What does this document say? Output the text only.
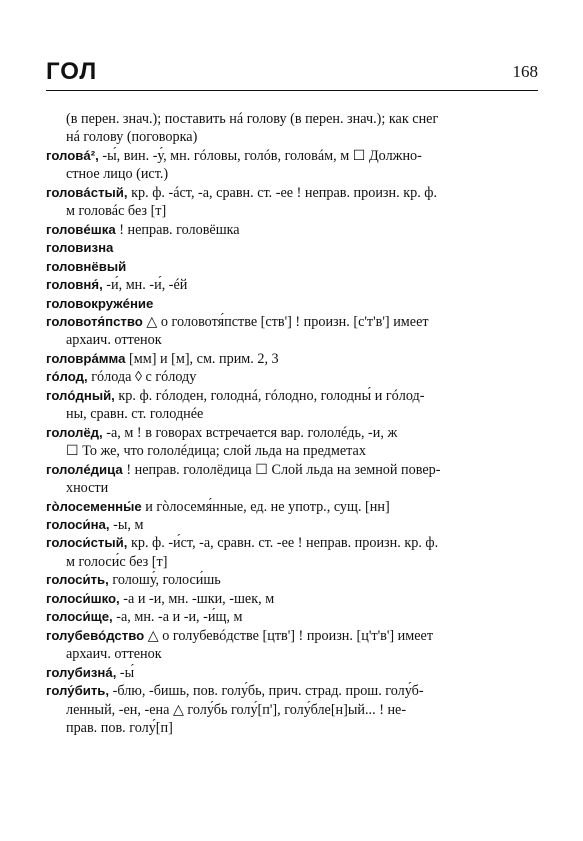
ГОЛ	168
(в перен. знач.); поставить нá голову (в перен. знач.); как снег
нá голову (поговорка)
головá², -ы́, вин. -у́, мн. гóловы, голóв, головáм, м ☐ Должно-
стное лицо (ист.)
головáстый, кр. ф. -áст, -а, сравн. ст. -ее ! неправ. произн. кр. ф.
м головáс без [т]
головéшка ! неправ. головёшка
головизна
головнёвый
головня́, -и́, мн. -и́, -éй
головокружéние
головотя́пство △ о головотя́пстве [ств'] ! произн. [с'т'в'] имеет
архаич. оттенок
головрáмма [мм] и [м], см. прим. 2, 3
гóлод, гóлода ◊ с гóлоду
голóдный, кр. ф. гóлоден, голоднá, гóлодно, голодны́ и гóлод-
ны, сравн. ст. голоднéе
гололёд, -а, м ! в говорах встречается вар. гололéдь, -и, ж
☐ То же, что гололéдица; слой льда на предметах
гололéдица ! неправ. гололёдица ☐ Слой льда на земной повер-
хности
гòлосеменны́е и гòлосемя́нные, ед. не употр., сущ. [нн]
голоси́на, -ы, м
голоси́стый, кр. ф. -и́ст, -а, сравн. ст. -ее ! неправ. произн. кр. ф.
м голоси́с без [т]
голоси́ть, голошу́, голоси́шь
голоси́шко, -а и -и, мн. -шки, -шек, м
голоси́ще, -а, мн. -а и -и, -и́щ, м
голубевóдство △ о голубевóдстве [цтв'] ! произн. [ц'т'в'] имеет
архаич. оттенок
голубизнá, -ы́
голу́бить, -блю, -бишь, пов. голу́бь, прич. страд. прош. голу́б-
ленный, -ен, -ена △ голу́бь голу́[п'], голу́бле[н]ый... ! не-
прав. пов. голу́[п]
